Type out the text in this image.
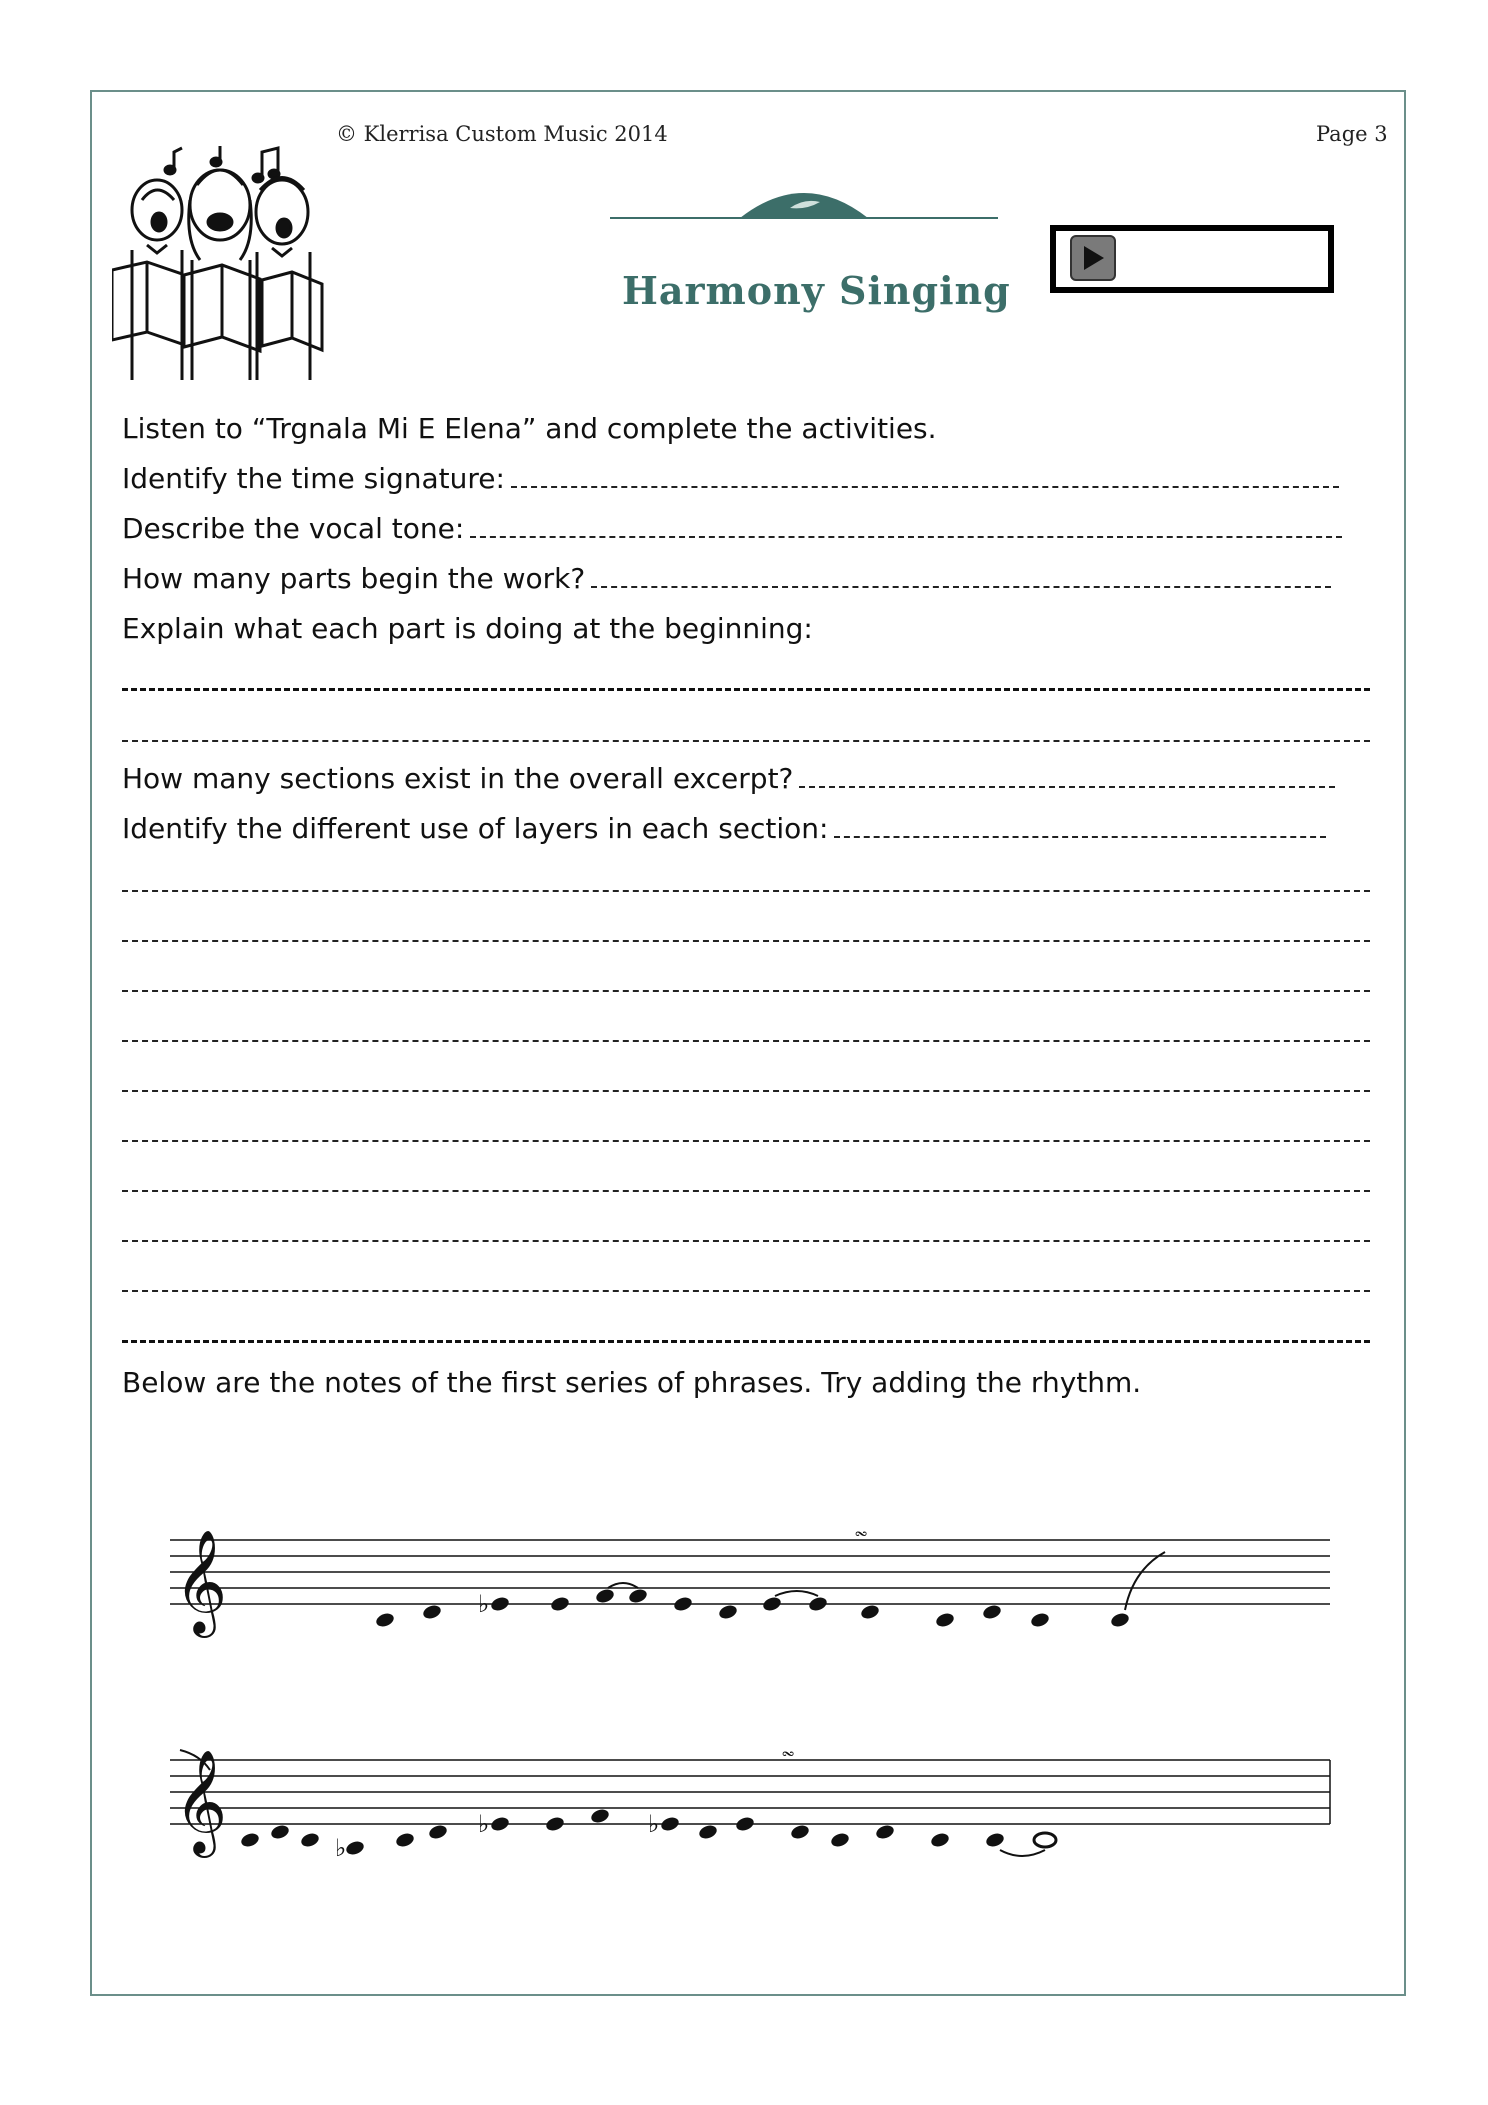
© Klerrisa Custom Music 2014	Page 3
Harmony Singing
Listen to “Trgnala Mi E Elena” and complete the activities.
Identify the time signature:
Describe the vocal tone:
How many parts begin the work?
Explain what each part is doing at the beginning:
How many sections exist in the overall excerpt?
Identify the different use of layers in each section:
Below are the notes of the first series of phrases. Try adding the rhythm.
𝄞	♭
𝆗
𝄞	♭
♭	♭
𝆗
